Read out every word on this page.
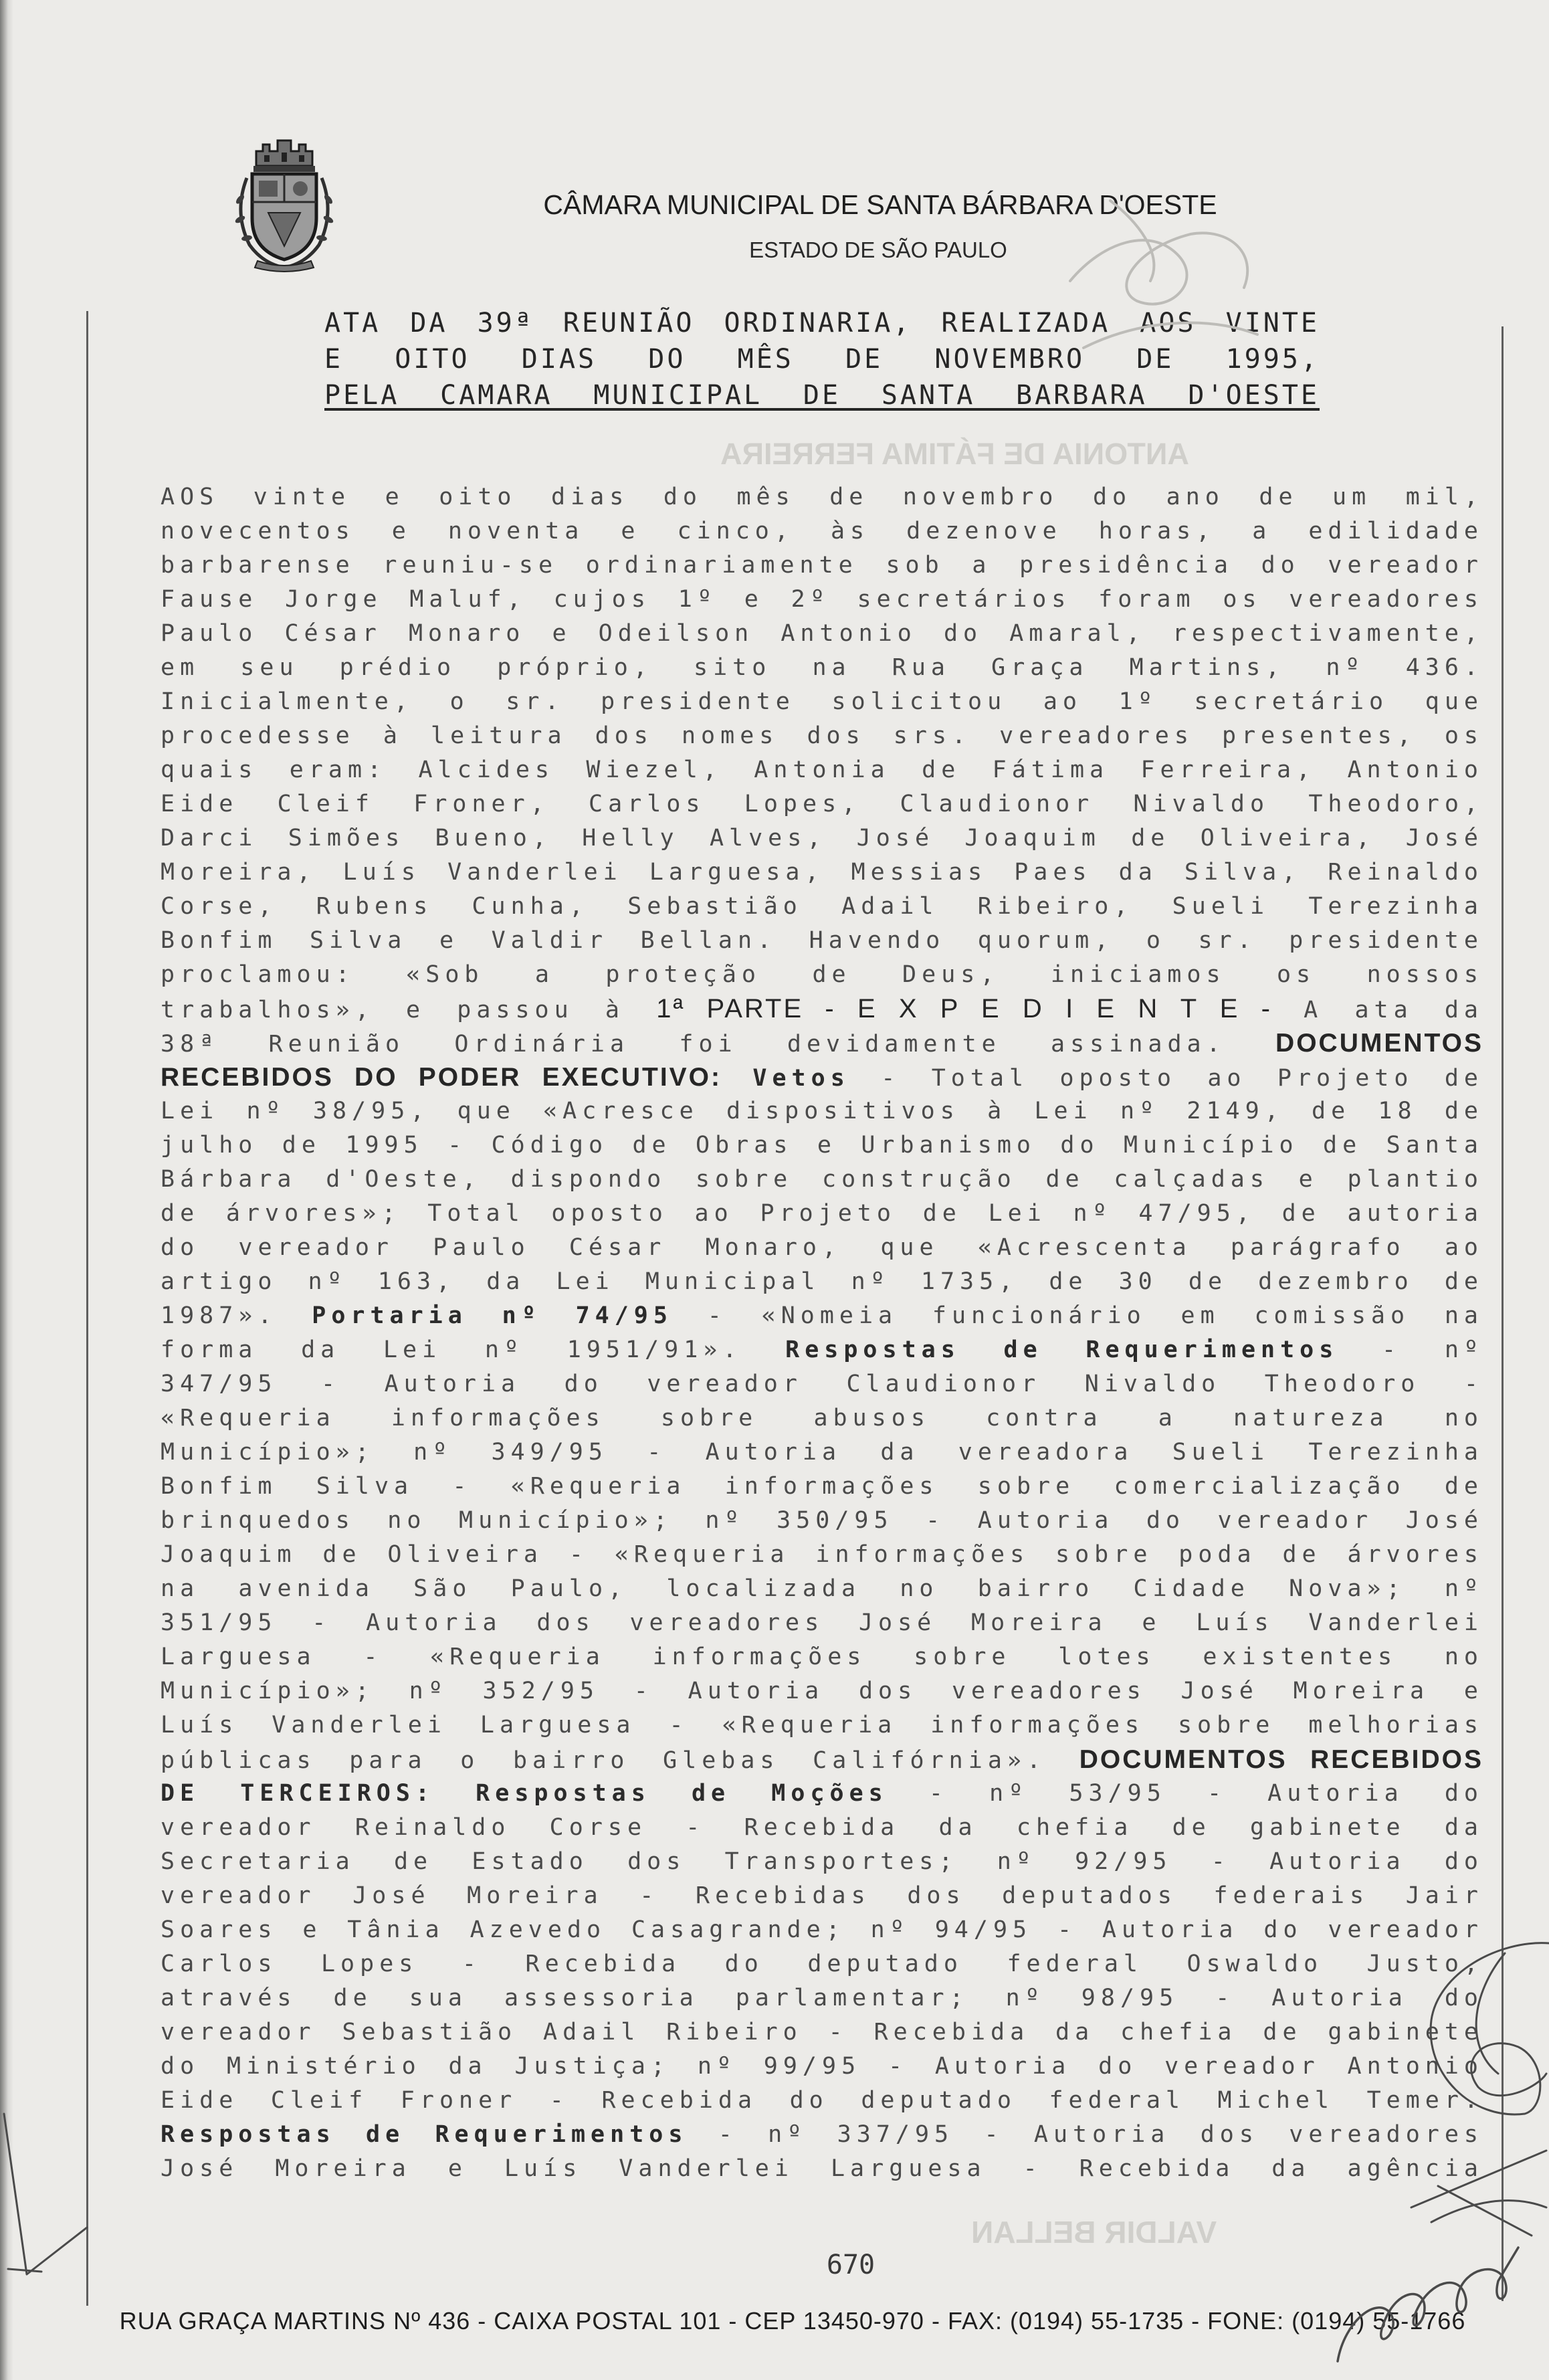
CÂMARA MUNICIPAL DE SANTA BÁRBARA D'OESTE
ESTADO DE SÃO PAULO
ANTONIA DE FÁTIMA FERREIRA
VALDIR BELLAN
ATA DA 39ª REUNIÃO ORDINARIA, REALIZADA AOS VINTE
E OITO DIAS DO MÊS DE NOVEMBRO DE 1995,
PELA CAMARA MUNICIPAL DE SANTA BARBARA D'OESTE
AOS vinte e oito dias do mês de novembro do ano de um mil,
novecentos e noventa e cinco, às dezenove horas, a edilidade
barbarense reuniu-se ordinariamente sob a presidência do vereador
Fause Jorge Maluf, cujos 1º e 2º secretários foram os vereadores
Paulo César Monaro e Odeilson Antonio do Amaral, respectivamente,
em seu prédio próprio, sito na Rua Graça Martins, nº 436.
Inicialmente, o sr. presidente solicitou ao 1º secretário que
procedesse à leitura dos nomes dos srs. vereadores presentes, os
quais eram: Alcides Wiezel, Antonia de Fátima Ferreira, Antonio
Eide Cleif Froner, Carlos Lopes, Claudionor Nivaldo Theodoro,
Darci Simões Bueno, Helly Alves, José Joaquim de Oliveira, José
Moreira, Luís Vanderlei Larguesa, Messias Paes da Silva, Reinaldo
Corse, Rubens Cunha, Sebastião Adail Ribeiro, Sueli Terezinha
Bonfim Silva e Valdir Bellan. Havendo quorum, o sr. presidente
proclamou: «Sob a proteção de Deus, iniciamos os nossos
trabalhos», e passou à 1ª PARTE - E X P E D I E N T E - A ata da
38ª Reunião Ordinária foi devidamente assinada. DOCUMENTOS
RECEBIDOS DO PODER EXECUTIVO: Vetos - Total oposto ao Projeto de
Lei nº 38/95, que «Acresce dispositivos à Lei nº 2149, de 18 de
julho de 1995 - Código de Obras e Urbanismo do Município de Santa
Bárbara d'Oeste, dispondo sobre construção de calçadas e plantio
de árvores»; Total oposto ao Projeto de Lei nº 47/95, de autoria
do vereador Paulo César Monaro, que «Acrescenta parágrafo ao
artigo nº 163, da Lei Municipal nº 1735, de 30 de dezembro de
1987». Portaria nº 74/95 - «Nomeia funcionário em comissão na
forma da Lei nº 1951/91». Respostas de Requerimentos - nº
347/95 - Autoria do vereador Claudionor Nivaldo Theodoro -
«Requeria informações sobre abusos contra a natureza no
Município»; nº 349/95 - Autoria da vereadora Sueli Terezinha
Bonfim Silva - «Requeria informações sobre comercialização de
brinquedos no Município»; nº 350/95 - Autoria do vereador José
Joaquim de Oliveira - «Requeria informações sobre poda de árvores
na avenida São Paulo, localizada no bairro Cidade Nova»; nº
351/95 - Autoria dos vereadores José Moreira e Luís Vanderlei
Larguesa - «Requeria informações sobre lotes existentes no
Município»; nº 352/95 - Autoria dos vereadores José Moreira e
Luís Vanderlei Larguesa - «Requeria informações sobre melhorias
públicas para o bairro Glebas Califórnia». DOCUMENTOS RECEBIDOS
DE TERCEIROS: Respostas de Moções - nº 53/95 - Autoria do
vereador Reinaldo Corse - Recebida da chefia de gabinete da
Secretaria de Estado dos Transportes; nº 92/95 - Autoria do
vereador José Moreira - Recebidas dos deputados federais Jair
Soares e Tânia Azevedo Casagrande; nº 94/95 - Autoria do vereador
Carlos Lopes - Recebida do deputado federal Oswaldo Justo,
através de sua assessoria parlamentar; nº 98/95 - Autoria do
vereador Sebastião Adail Ribeiro - Recebida da chefia de gabinete
do Ministério da Justiça; nº 99/95 - Autoria do vereador Antonio
Eide Cleif Froner - Recebida do deputado federal Michel Temer.
Respostas de Requerimentos - nº 337/95 - Autoria dos vereadores
José Moreira e Luís Vanderlei Larguesa - Recebida da agência
670
RUA GRAÇA MARTINS Nº 436 - CAIXA POSTAL 101 - CEP 13450-970 - FAX: (0194) 55-1735 - FONE: (0194) 55-1766
